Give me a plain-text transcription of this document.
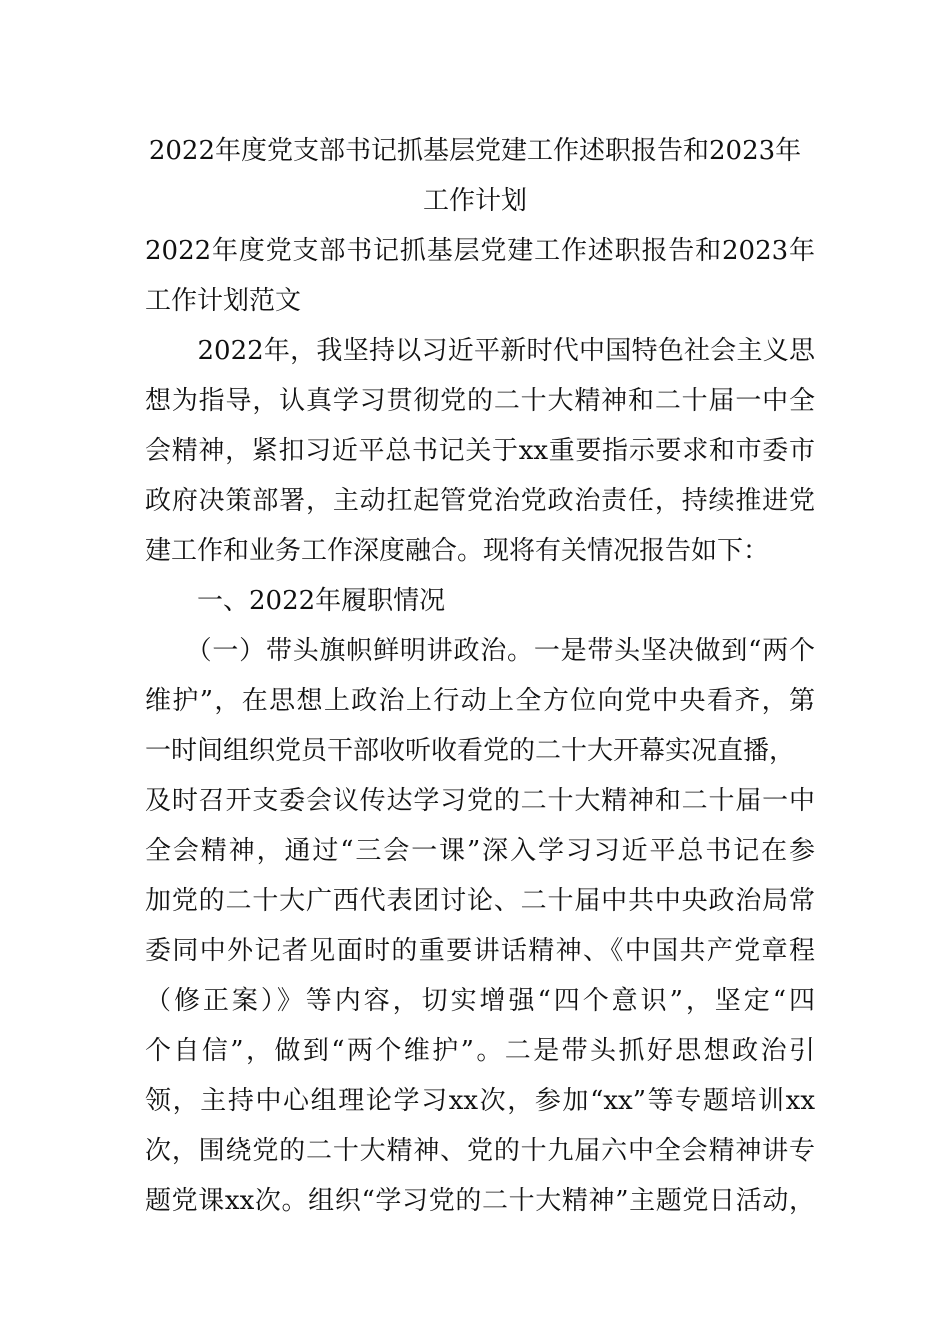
2022年度党支部书记抓基层党建工作述职报告和2023年
工作计划
2022年度党支部书记抓基层党建工作述职报告和2023年
工作计划范文
　　2022年，我坚持以习近平新时代中国特色社会主义思
想为指导，认真学习贯彻党的二十大精神和二十届一中全
会精神，紧扣习近平总书记关于xx重要指示要求和市委市
政府决策部署，主动扛起管党治党政治责任，持续推进党
建工作和业务工作深度融合。现将有关情况报告如下：
　　一、2022年履职情况
　　（一）带头旗帜鲜明讲政治。一是带头坚决做到“两个
维护”，在思想上政治上行动上全方位向党中央看齐，第
一时间组织党员干部收听收看党的二十大开幕实况直播，
及时召开支委会议传达学习党的二十大精神和二十届一中
全会精神，通过“三会一课”深入学习习近平总书记在参
加党的二十大广西代表团讨论、二十届中共中央政治局常
委同中外记者见面时的重要讲话精神、《中国共产党章程
（修正案）》等内容，切实增强“四个意识”，坚定“四
个自信”，做到“两个维护”。二是带头抓好思想政治引
领，主持中心组理论学习xx次，参加“xx”等专题培训xx
次，围绕党的二十大精神、党的十九届六中全会精神讲专
题党课xx次。组织“学习党的二十大精神”主题党日活动，
